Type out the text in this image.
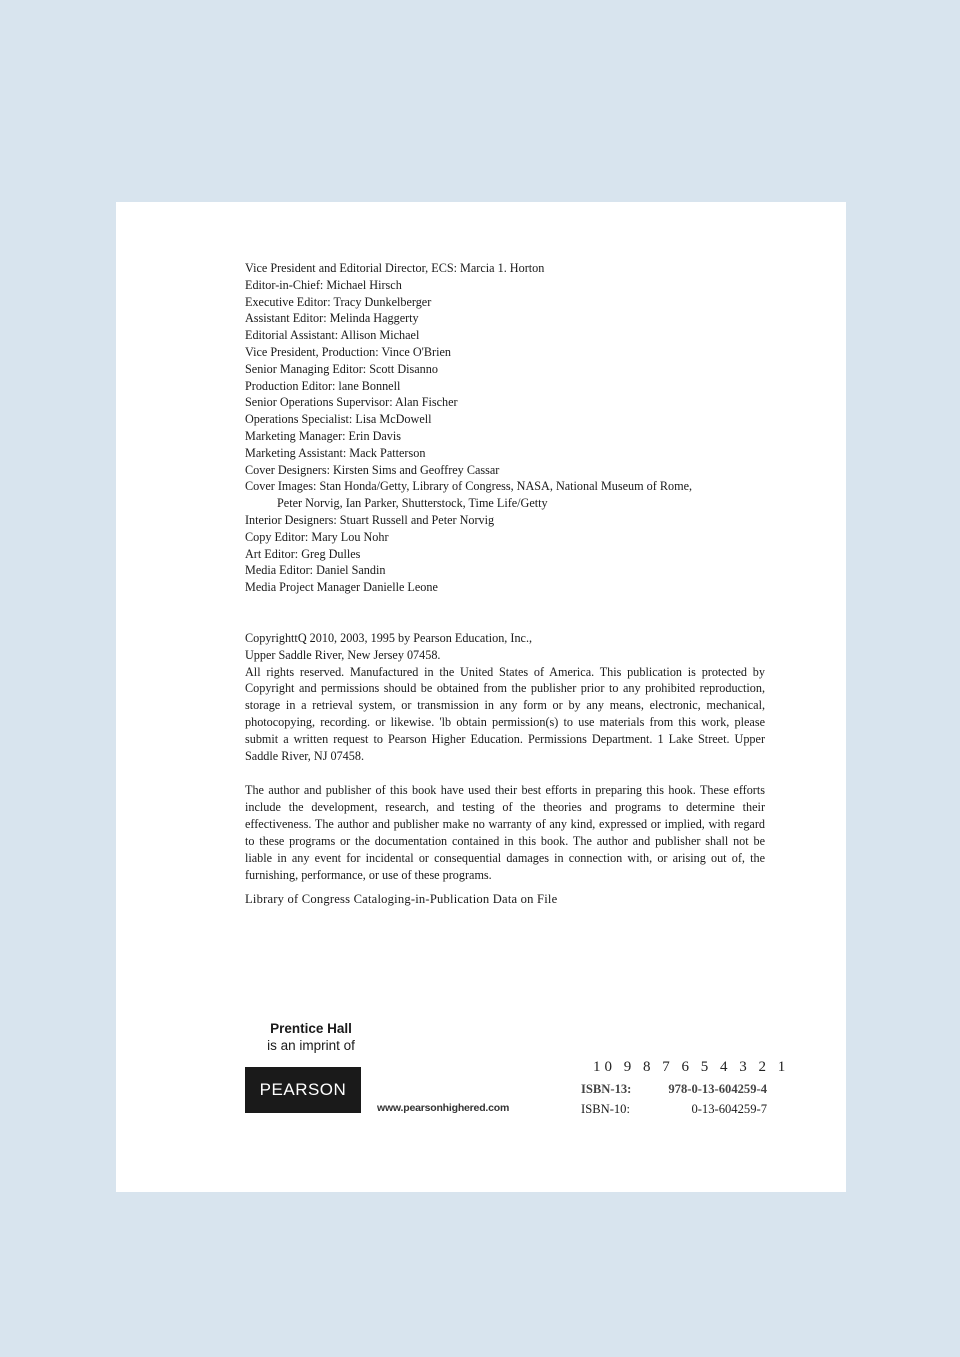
Vice President and Editorial Director, ECS: Marcia 1. Horton
Editor-in-Chief: Michael Hirsch
Executive Editor: Tracy Dunkelberger
Assistant Editor: Melinda Haggerty
Editorial Assistant: Allison Michael
Vice President, Production: Vince O'Brien
Senior Managing Editor: Scott Disanno
Production Editor: lane Bonnell
Senior Operations Supervisor: Alan Fischer
Operations Specialist: Lisa McDowell
Marketing Manager: Erin Davis
Marketing Assistant: Mack Patterson
Cover Designers: Kirsten Sims and Geoffrey Cassar
Cover Images: Stan Honda/Getty, Library of Congress, NASA, National Museum of Rome,
Peter Norvig, Ian Parker, Shutterstock, Time Life/Getty
Interior Designers: Stuart Russell and Peter Norvig
Copy Editor: Mary Lou Nohr
Art Editor: Greg Dulles
Media Editor: Daniel Sandin
Media Project Manager Danielle Leone

CopyrighttQ 2010, 2003, 1995 by Pearson Education, Inc.,

Upper Saddle River, New Jersey 07458.

All rights reserved. Manufactured in the United States of America. This publication is protected by Copyright and permissions should be obtained from the publisher prior to any prohibited reproduction, storage in a retrieval system, or transmission in any form or by any means, electronic, mechanical, photocopying, recording. or likewise. 'lb obtain permission(s) to use materials from this work, please submit a written request to Pearson Higher Education. Permissions Department. 1 Lake Street. Upper Saddle River, NJ 07458.

The author and publisher of this book have used their best efforts in preparing this hook. These efforts include the development, research, and testing of the theories and programs to determine their effectiveness. The author and publisher make no warranty of any kind, expressed or implied, with regard to these programs or the documentation contained in this book. The author and publisher shall not be liable in any event for incidental or consequential damages in connection with, or arising out of, the furnishing, performance, or use of these programs.

Library of Congress Cataloging-in-Publication Data on File

Prentice Hall
is an imprint of
PEARSON
www.pearsonhighered.com
10 9 8 7 6 5 4 3 2 1
ISBN-13:	978-0-13-604259-4
ISBN-10:	0-13-604259-7
